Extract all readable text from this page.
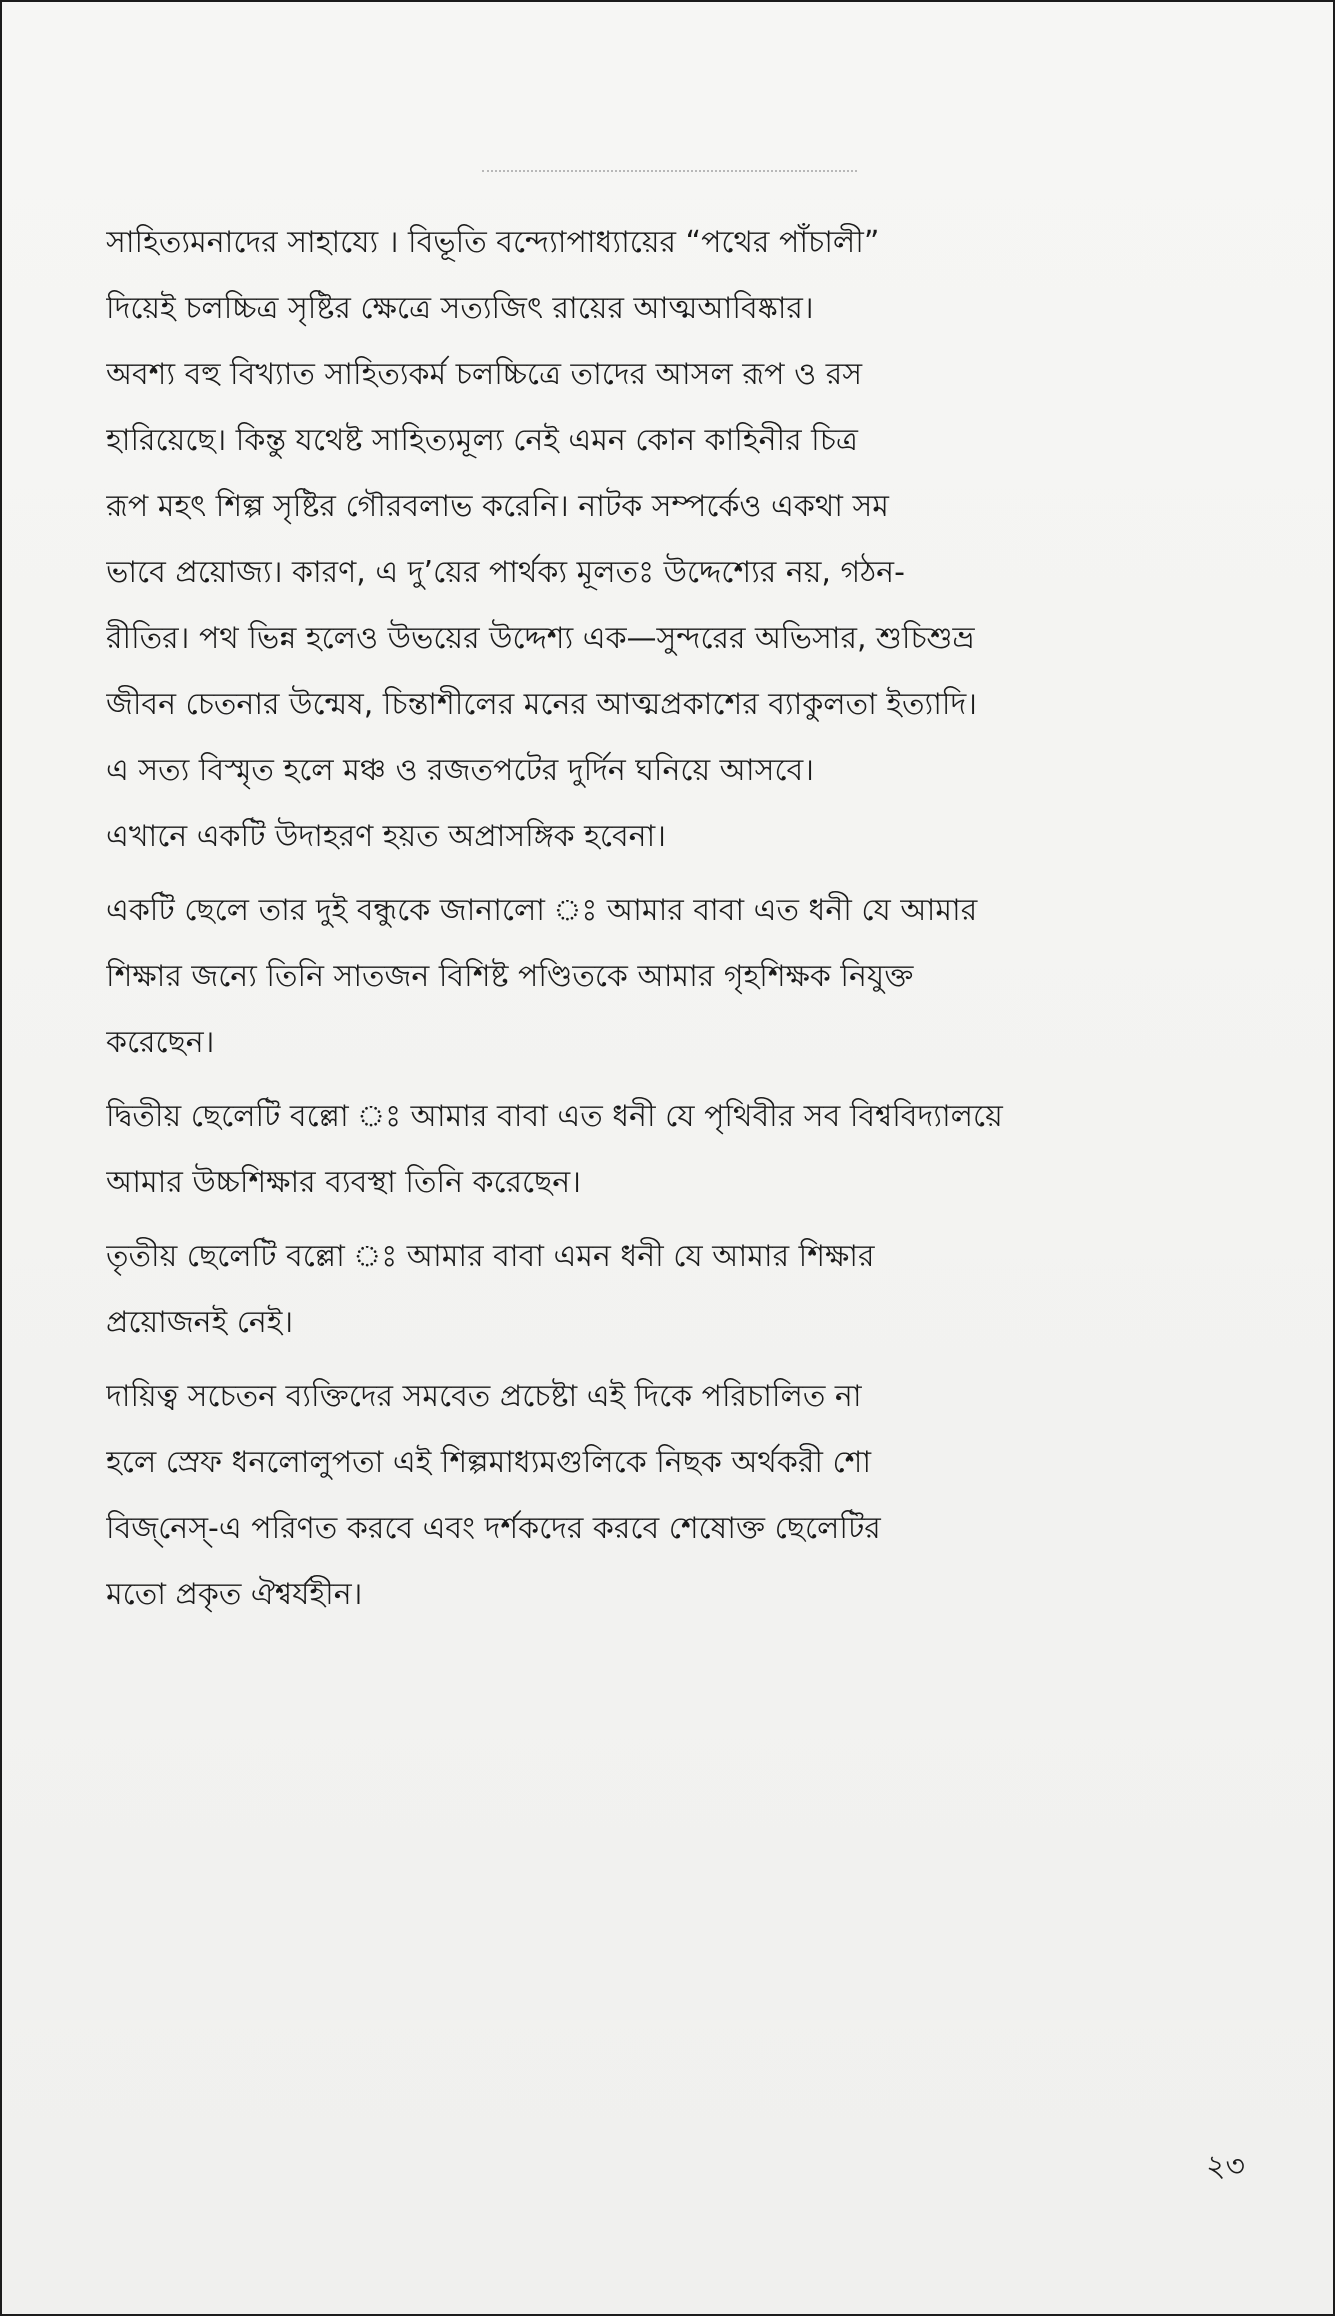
সাহিত্যমনাদের সাহায্যে । বিভূতি বন্দ্যোপাধ্যায়ের “পথের পাঁচালী”
দিয়েই চলচ্চিত্র সৃষ্টির ক্ষেত্রে সত্যজিৎ রায়ের আত্মআবিষ্কার।
অবশ্য বহু বিখ্যাত সাহিত্যকর্ম চলচ্চিত্রে তাদের আসল রূপ ও রস
হারিয়েছে। কিন্তু যথেষ্ট সাহিত্যমূল্য নেই এমন কোন কাহিনীর চিত্র
রূপ মহৎ শিল্প সৃষ্টির গৌরবলাভ করেনি। নাটক সম্পর্কেও একথা সম
ভাবে প্রয়োজ্য। কারণ, এ দু’য়ের পার্থক্য মূলতঃ উদ্দেশ্যের নয়, গঠন-
রীতির। পথ ভিন্ন হলেও উভয়ের উদ্দেশ্য এক—সুন্দরের অভিসার, শুচিশুভ্র
জীবন চেতনার উন্মেষ, চিন্তাশীলের মনের আত্মপ্রকাশের ব্যাকুলতা ইত্যাদি।
এ সত্য বিস্মৃত হলে মঞ্চ ও রজতপটের দুর্দিন ঘনিয়ে আসবে।
এখানে একটি উদাহরণ হয়ত অপ্রাসঙ্গিক হবেনা।
একটি ছেলে তার দুই বন্ধুকে জানালো ঃ আমার বাবা এত ধনী যে আমার
শিক্ষার জন্যে তিনি সাতজন বিশিষ্ট পণ্ডিতকে আমার গৃহশিক্ষক নিযুক্ত
করেছেন।
দ্বিতীয় ছেলেটি বল্লো ঃ আমার বাবা এত ধনী যে পৃথিবীর সব বিশ্ববিদ্যালয়ে
আমার উচ্চশিক্ষার ব্যবস্থা তিনি করেছেন।
তৃতীয় ছেলেটি বল্লো ঃ আমার বাবা এমন ধনী যে আমার শিক্ষার
প্রয়োজনই নেই।
দায়িত্ব সচেতন ব্যক্তিদের সমবেত প্রচেষ্টা এই দিকে পরিচালিত না
হলে স্রেফ ধনলোলুপতা এই শিল্পমাধ্যমগুলিকে নিছক অর্থকরী শো
বিজ্‌নেস্‌-এ পরিণত করবে এবং দর্শকদের করবে শেষোক্ত ছেলেটির
মতো প্রকৃত ঐশ্বর্যহীন।
২৩
